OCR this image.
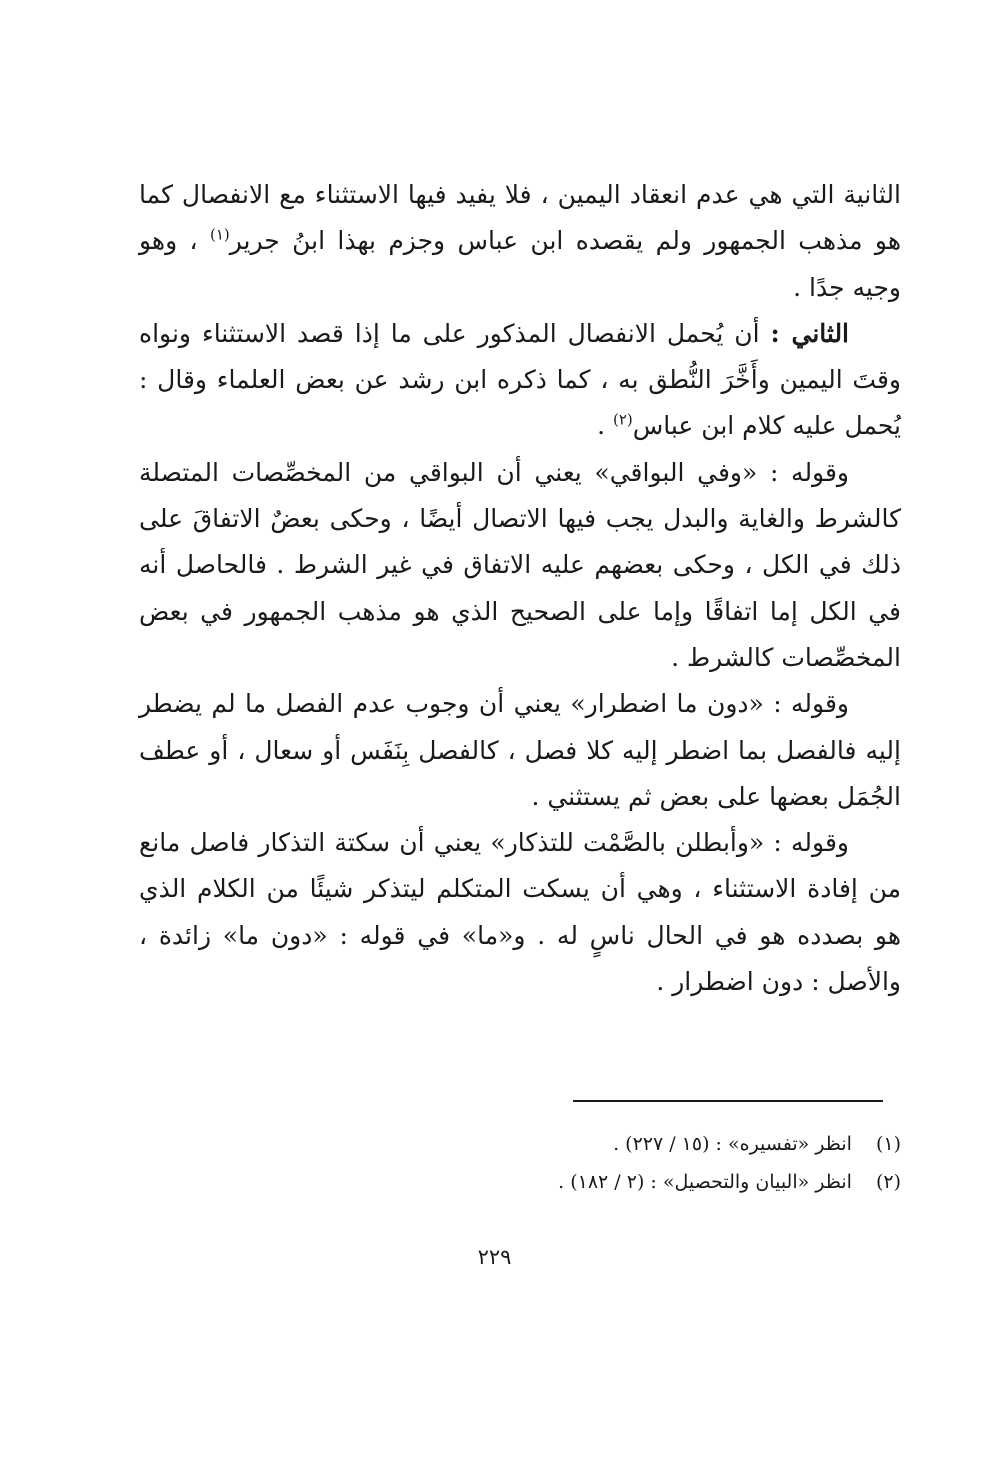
الثانية التي هي عدم انعقاد اليمين ، فلا يفيد فيها الاستثناء مع الانفصال كما هو مذهب الجمهور ولم يقصده ابن عباس وجزم بهذا ابنُ جرير$^{(١)}$ ، وهو وجيه جدًا .

الثاني : أن يُحمل الانفصال المذكور على ما إذا قصد الاستثناء ونواه وقتَ اليمين وأَخَّرَ النُّطق به ، كما ذكره ابن رشد عن بعض العلماء وقال : يُحمل عليه كلام ابن عباس$^{(٢)}$ .

وقوله : «وفي البواقي» يعني أن البواقي من المخصِّصات المتصلة كالشرط والغاية والبدل يجب فيها الاتصال أيضًا ، وحكى بعضٌ الاتفاقَ على ذلك في الكل ، وحكى بعضهم عليه الاتفاق في غير الشرط . فالحاصل أنه في الكل إما اتفاقًا وإما على الصحيح الذي هو مذهب الجمهور في بعض المخصِّصات كالشرط .

وقوله : «دون ما اضطرار» يعني أن وجوب عدم الفصل ما لم يضطر إليه فالفصل بما اضطر إليه كلا فصل ، كالفصل بِنَفَس أو سعال ، أو عطف الجُمَل بعضها على بعض ثم يستثني .

وقوله : «وأبطلن بالصَّمْت للتذكار» يعني أن سكتة التذكار فاصل مانع من إفادة الاستثناء ، وهي أن يسكت المتكلم ليتذكر شيئًا من الكلام الذي هو بصدده هو في الحال ناسٍ له . و«ما» في قوله : «دون ما» زائدة ، والأصل : دون اضطرار .

(١)
انظر «تفسيره» : (١٥ / ٢٢٧) .
(٢)
انظر «البيان والتحصيل» : (٢ / ١٨٢) .
٢٢٩
